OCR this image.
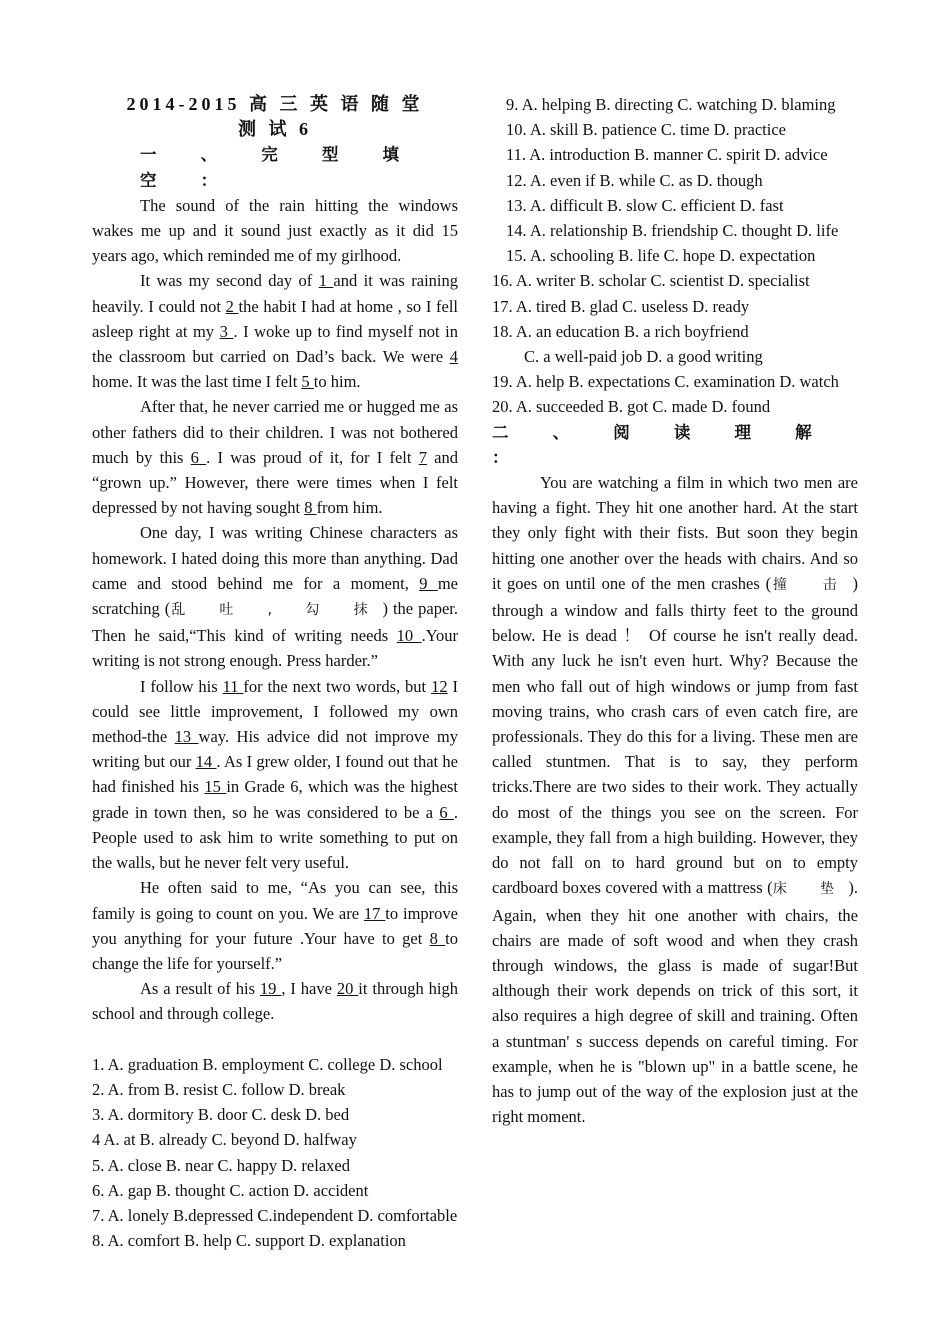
2014-2015 高 三 英 语 随 堂
测 试 6
一 、 完 型 填 空 ：

The sound of the rain hitting the windows wakes me up and it sound just exactly as it did 15 years ago, which reminded me of my girlhood.

It was my second day of 1 and it was raining heavily. I could not 2 the habit I had at home , so I fell asleep right at my 3 . I woke up to find myself not in the classroom but carried on Dad’s back. We were 4 home. It was the last time I felt 5 to him.

After that, he never carried me or hugged me as other fathers did to their children. I was not bothered much by this 6 . I was proud of it, for I felt 7 and “grown up.” However, there were times when I felt depressed by not having sought 8 from him.

One day, I was writing Chinese characters as homework. I hated doing this more than anything. Dad came and stood behind me for a moment, 9 me scratching (乱 吐 , 勾 抹) the paper. Then he said,“This kind of writing needs 10 .Your writing is not strong enough. Press harder.”

I follow his 11 for the next two words, but 12 I could see little improvement, I followed my own method-the 13 way. His advice did not improve my writing but our 14 . As I grew older, I found out that he had finished his 15 in Grade 6, which was the highest grade in town then, so he was considered to be a 6 . People used to ask him to write something to put on the walls, but he never felt very useful.

He often said to me, “As you can see, this family is going to count on you. We are 17 to improve you anything for your future .Your have to get 8 to change the life for yourself.”

As a result of his 19 , I have 20 it through high school and through college.

1. A. graduation B. employment C. college D. school

2. A. from B. resist C. follow D. break

3. A. dormitory B. door C. desk D. bed

4 A. at B. already C. beyond D. halfway

5. A. close B. near C. happy D. relaxed

6. A. gap B. thought C. action D. accident

7. A. lonely B.depressed C.independent D. comfortable

8. A. comfort B. help C. support D. explanation

9. A. helping B. directing C. watching D. blaming

10. A. skill B. patience C. time D. practice

11. A. introduction B. manner C. spirit D. advice

12. A. even if B. while C. as D. though

13. A. difficult B. slow C. efficient D. fast

14. A. relationship B. friendship C. thought D. life

15. A. schooling B. life C. hope D. expectation

16. A. writer B. scholar C. scientist D. specialist

17. A. tired B. glad C. useless D. ready

18. A. an education B. a rich boyfriend

C. a well-paid job D. a good writing

19. A. help B. expectations C. examination D. watch

20. A. succeeded B. got C. made D. found

二 、 阅 读 理 解 ：

You are watching a film in which two men are having a fight. They hit one another hard. At the start they only fight with their fists. But soon they begin hitting one another over the heads with chairs. And so it goes on until one of the men crashes (撞 击) through a window and falls thirty feet to the ground below. He is dead ！ Of course he isn't really dead. With any luck he isn't even hurt. Why? Because the men who fall out of high windows or jump from fast moving trains, who crash cars of even catch fire, are professionals. They do this for a living. These men are called stuntmen. That is to say, they perform tricks.There are two sides to their work. They actually do most of the things you see on the screen. For example, they fall from a high building. However, they do not fall on to hard ground but on to empty cardboard boxes covered with a mattress (床 垫). Again, when they hit one another with chairs, the chairs are made of soft wood and when they crash through windows, the glass is made of sugar!But although their work depends on trick of this sort, it also requires a high degree of skill and training. Often a stuntman' s success depends on careful timing. For example, when he is "blown up" in a battle scene, he has to jump out of the way of the explosion just at the right moment.
